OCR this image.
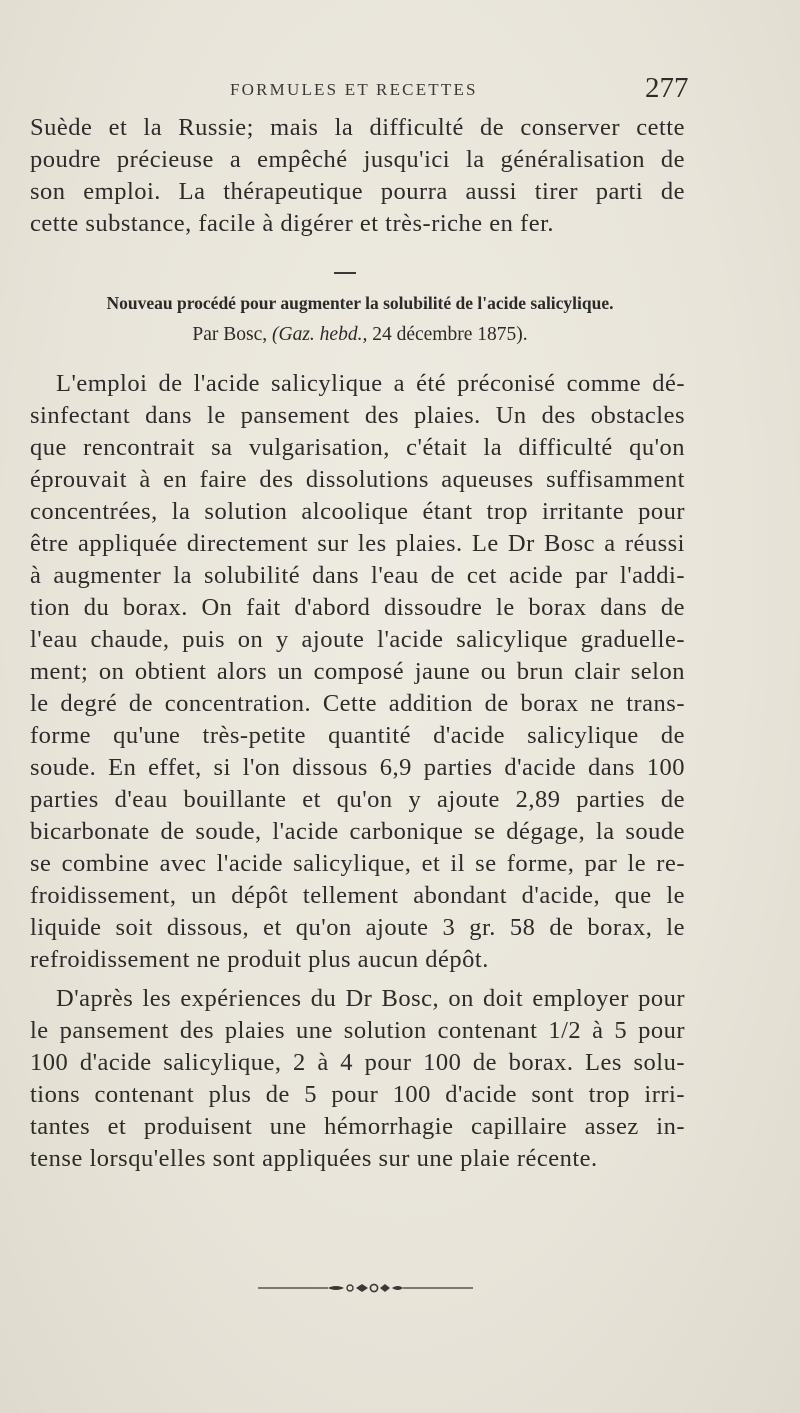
FORMULES ET RECETTES	277
Suède et la Russie; mais la difficulté de conserver cette
poudre précieuse a empêché jusqu'ici la généralisation de
son emploi. La thérapeutique pourra aussi tirer parti de
cette substance, facile à digérer et très-riche en fer.
Nouveau procédé pour augmenter la solubilité de l'acide salicylique.
Par Bosc, (Gaz. hebd., 24 décembre 1875).
L'emploi de l'acide salicylique a été préconisé comme dé-
sinfectant dans le pansement des plaies. Un des obstacles
que rencontrait sa vulgarisation, c'était la difficulté qu'on
éprouvait à en faire des dissolutions aqueuses suffisamment
concentrées, la solution alcoolique étant trop irritante pour
être appliquée directement sur les plaies. Le Dr Bosc a réussi
à augmenter la solubilité dans l'eau de cet acide par l'addi-
tion du borax. On fait d'abord dissoudre le borax dans de
l'eau chaude, puis on y ajoute l'acide salicylique graduelle-
ment; on obtient alors un composé jaune ou brun clair selon
le degré de concentration. Cette addition de borax ne trans-
forme qu'une très-petite quantité d'acide salicylique de
soude. En effet, si l'on dissous 6,9 parties d'acide dans 100
parties d'eau bouillante et qu'on y ajoute 2,89 parties de
bicarbonate de soude, l'acide carbonique se dégage, la soude
se combine avec l'acide salicylique, et il se forme, par le re-
froidissement, un dépôt tellement abondant d'acide, que le
liquide soit dissous, et qu'on ajoute 3 gr. 58 de borax, le
refroidissement ne produit plus aucun dépôt.
D'après les expériences du Dr Bosc, on doit employer pour
le pansement des plaies une solution contenant 1/2 à 5 pour
100 d'acide salicylique, 2 à 4 pour 100 de borax. Les solu-
tions contenant plus de 5 pour 100 d'acide sont trop irri-
tantes et produisent une hémorrhagie capillaire assez in-
tense lorsqu'elles sont appliquées sur une plaie récente.
